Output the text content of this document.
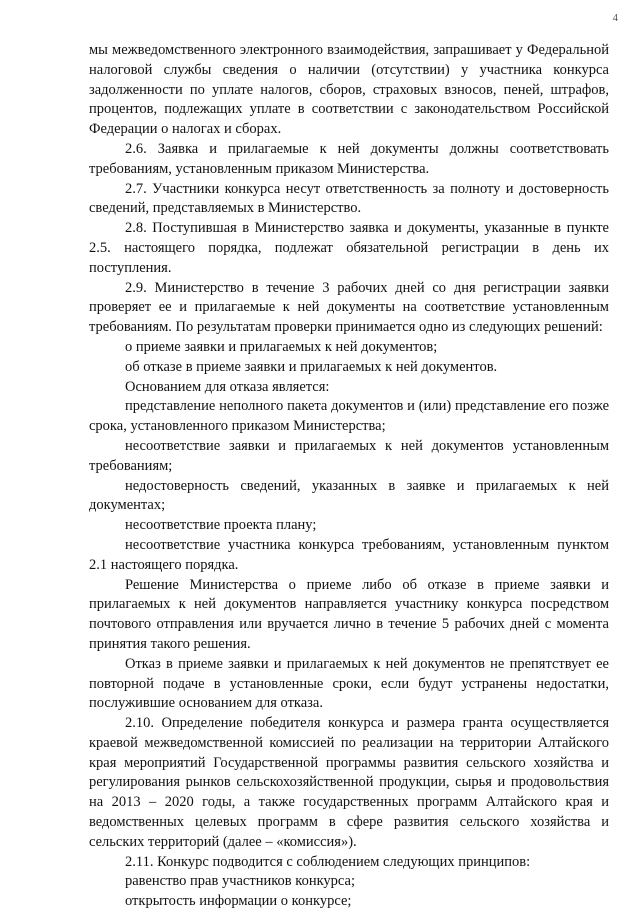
4

мы межведомственного электронного взаимодействия, запрашивает у Федеральной налоговой службы сведения о наличии (отсутствии) у участника конкурса задолженности по уплате налогов, сборов, страховых взносов, пеней, штрафов, процентов, подлежащих уплате в соответствии с законодательством Российской Федерации о налогах и сборах.

2.6. Заявка и прилагаемые к ней документы должны соответствовать требованиям, установленным приказом Министерства.

2.7. Участники конкурса несут ответственность за полноту и достоверность сведений, представляемых в Министерство.

2.8. Поступившая в Министерство заявка и документы, указанные в пункте 2.5. настоящего порядка, подлежат обязательной регистрации в день их поступления.

2.9. Министерство в течение 3 рабочих дней со дня регистрации заявки проверяет ее и прилагаемые к ней документы на соответствие установленным требованиям. По результатам проверки принимается одно из следующих решений:

о приеме заявки и прилагаемых к ней документов;

об отказе в приеме заявки и прилагаемых к ней документов.

Основанием для отказа является:

представление неполного пакета документов и (или) представление его позже срока, установленного приказом Министерства;

несоответствие заявки и прилагаемых к ней документов установленным требованиям;

недостоверность сведений, указанных в заявке и прилагаемых к ней документах;

несоответствие проекта плану;

несоответствие участника конкурса требованиям, установленным пунктом 2.1 настоящего порядка.

Решение Министерства о приеме либо об отказе в приеме заявки и прилагаемых к ней документов направляется участнику конкурса посредством почтового отправления или вручается лично в течение 5 рабочих дней с момента принятия такого решения.

Отказ в приеме заявки и прилагаемых к ней документов не препятствует ее повторной подаче в установленные сроки, если будут устранены недостатки, послужившие основанием для отказа.

2.10. Определение победителя конкурса и размера гранта осуществляется краевой межведомственной комиссией по реализации на территории Алтайского края мероприятий Государственной программы развития сельского хозяйства и регулирования рынков сельскохозяйственной продукции, сырья и продовольствия на 2013 – 2020 годы, а также государственных программ Алтайского края и ведомственных целевых программ в сфере развития сельского хозяйства и сельских территорий (далее – «комиссия»).

2.11. Конкурс подводится с соблюдением следующих принципов:

равенство прав участников конкурса;

открытость информации о конкурсе;
